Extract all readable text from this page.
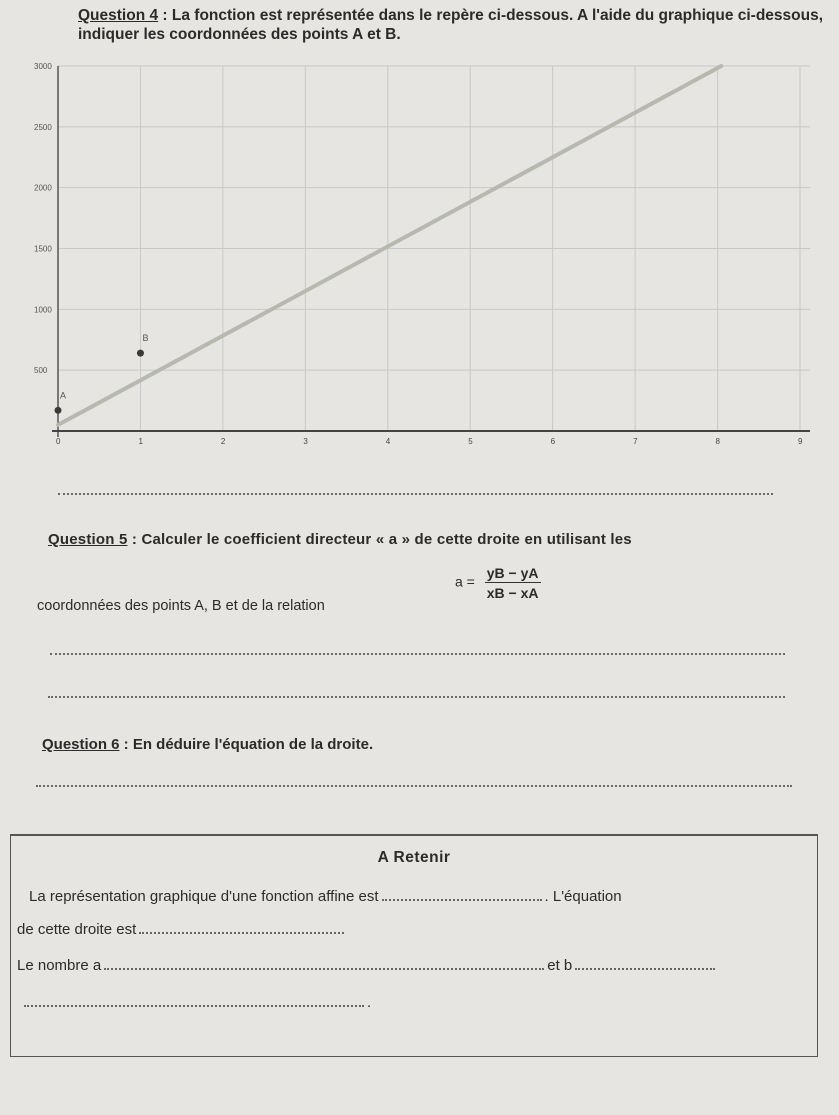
Question 4 : La fonction est représentée dans le repère ci-dessous. A l'aide du graphique ci-dessous, indiquer les coordonnées des points A et B.
500
1000
1500
2000
2500
3000
0	1	2	3	4	5	6	7	8	9
A
B
Question 5 : Calculer le coefficient directeur « a » de cette droite en utilisant les
$a = \frac{yB - yA}{xB - xA}$
coordonnées des points A, B et de la relation
Question 6 : En déduire l'équation de la droite.
A Retenir
La représentation graphique d'une fonction affine est	. L'équation
de cette droite est
Le nombre a	et b
.
